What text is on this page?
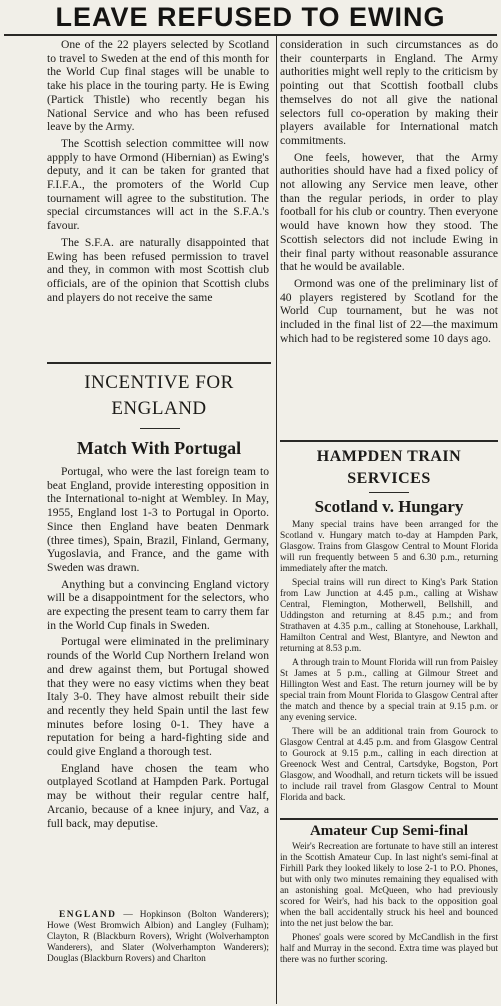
LEAVE REFUSED TO EWING

One of the 22 players selected by Scotland to travel to Sweden at the end of this month for the World Cup final stages will be unable to take his place in the touring party. He is Ewing (Partick Thistle) who recently began his National Service and who has been refused leave by the Army.

The Scottish selection committee will now appply to have Ormond (Hibernian) as Ewing's deputy, and it can be taken for granted that F.I.F.A., the promoters of the World Cup tournament will agree to the substitution. The special circumstances will act in the S.F.A.'s favour.

The S.F.A. are naturally disappointed that Ewing has been refused permission to travel and they, in common with most Scottish club officials, are of the opinion that Scottish clubs and players do not receive the same

consideration in such circumstances as do their counterparts in England. The Army authorities might well reply to the criticism by pointing out that Scottish football clubs themselves do not all give the national selectors full co-operation by making their players available for International match commitments.

One feels, however, that the Army authorities should have had a fixed policy of not allowing any Service men leave, other than the regular periods, in order to play football for his club or country. Then everyone would have known how they stood. The Scottish selectors did not include Ewing in their final party without reasonable assurance that he would be available.

Ormond was one of the preliminary list of 40 players registered by Scotland for the World Cup tournament, but he was not included in the final list of 22—the maximum which had to be registered some 10 days ago.

INCENTIVE FOR
ENGLAND
Match With Portugal

Portugal, who were the last foreign team to beat England, provide interesting opposition in the International to-night at Wembley. In May, 1955, England lost 1-3 to Portugal in Oporto. Since then England have beaten Denmark (three times), Spain, Brazil, Finland, Germany, Yugoslavia, and France, and the game with Sweden was drawn.

Anything but a convincing England victory will be a disappointment for the selectors, who are expecting the present team to carry them far in the World Cup finals in Sweden.

Portugal were eliminated in the preliminary rounds of the World Cup Northern Ireland won and drew against them, but Portugal showed that they were no easy victims when they beat Italy 3-0. They have almost rebuilt their side and recently they held Spain until the last few minutes before losing 0-1. They have a reputation for being a hard-fighting side and could give England a thorough test.

England have chosen the team who outplayed Scotland at Hampden Park. Portugal may be without their regular centre half, Arcanio, because of a knee injury, and Vaz, a full back, may deputise.

ENGLAND — Hopkinson (Bolton Wanderers); Howe (West Bromwich Albion) and Langley (Fulham); Clayton, R (Blackburn Rovers), Wright (Wolverhampton Wanderers), and Slater (Wolverhampton Wanderers); Douglas (Blackburn Rovers) and Charlton
HAMPDEN TRAIN
SERVICES
Scotland v. Hungary

Many special trains have been arranged for the Scotland v. Hungary match to-day at Hampden Park, Glasgow. Trains from Glasgow Central to Mount Florida will run frequently between 5 and 6.30 p.m., returning immediately after the match.

Special trains will run direct to King's Park Station from Law Junction at 4.45 p.m., calling at Wishaw Central, Flemington, Motherwell, Bellshill, and Uddingston and returning at 8.45 p.m.; and from Strathaven at 4.35 p.m., calling at Stonehouse, Larkhall, Hamilton Central and West, Blantyre, and Newton and returning at 8.53 p.m.

A through train to Mount Florida will run from Paisley St James at 5 p.m., calling at Gilmour Street and Hillington West and East. The return journey will be by special train from Mount Florida to Glasgow Central after the match and thence by a special train at 9.15 p.m. or any evening service.

There will be an additional train from Gourock to Glasgow Central at 4.45 p.m. and from Glasgow Central to Gourock at 9.15 p.m., calling in each direction at Greenock West and Central, Cartsdyke, Bogston, Port Glasgow, and Woodhall, and return tickets will be issued to include rail travel from Glasgow Central to Mount Florida and back.

Amateur Cup Semi-final

Weir's Recreation are fortunate to have still an interest in the Scottish Amateur Cup. In last night's semi-final at Firhill Park they looked likely to lose 2-1 to P.O. Phones, but with only two minutes remaining they equalised with an astonishing goal. McQueen, who had previously scored for Weir's, had his back to the opposition goal when the ball accidentally struck his heel and bounced into the net just below the bar.

Phones' goals were scored by McCandlish in the first half and Murray in the second. Extra time was played but there was no further scoring.
